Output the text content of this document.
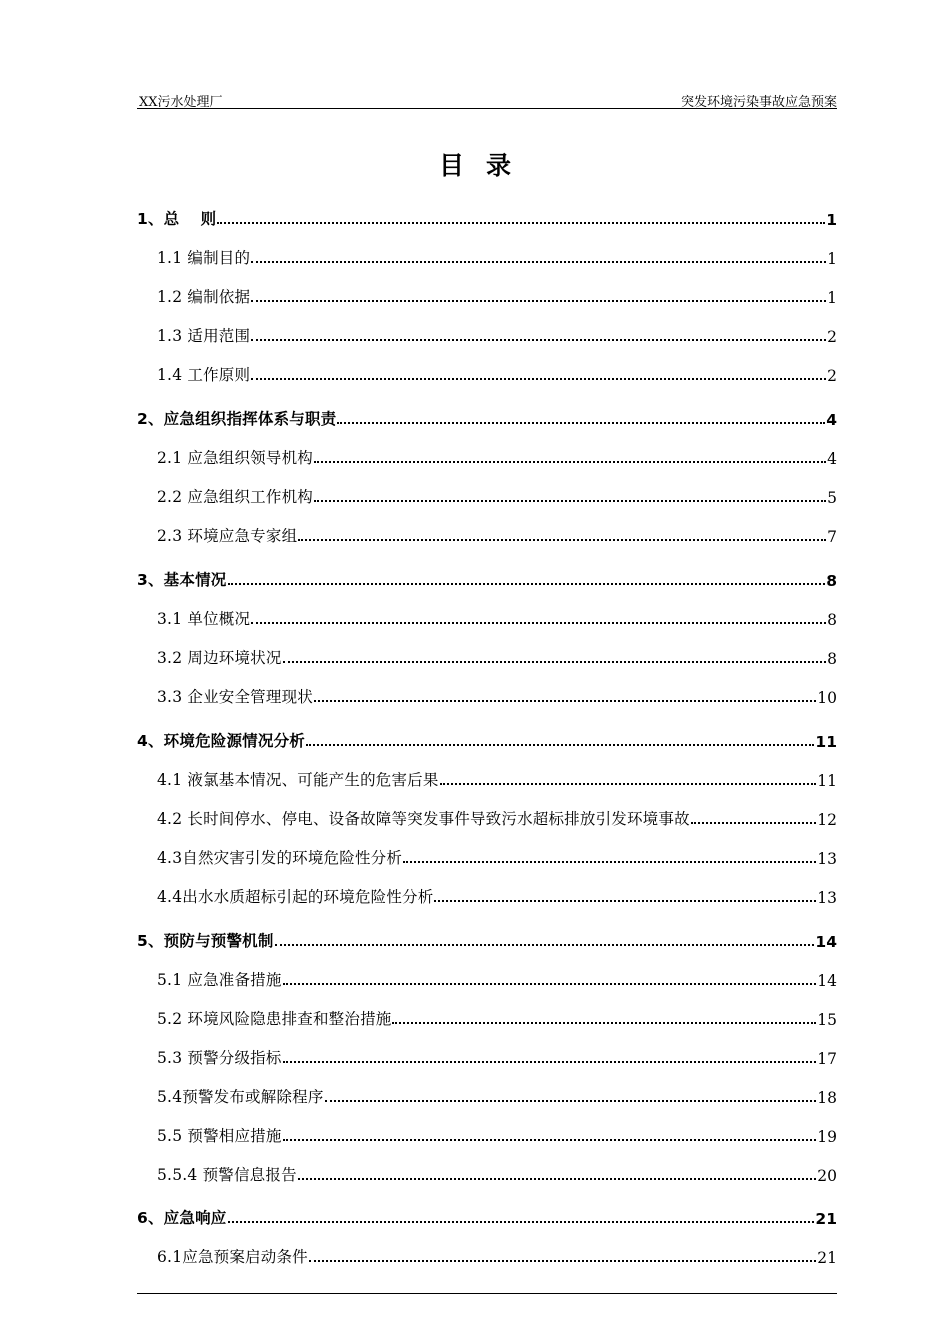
XX污水处理厂	突发环境污染事故应急预案
目录
1、总　 则	1
1.1 编制目的	1
1.2 编制依据	1
1.3 适用范围	2
1.4 工作原则	2
2、应急组织指挥体系与职责	4
2.1 应急组织领导机构	4
2.2 应急组织工作机构	5
2.3 环境应急专家组	7
3、基本情况	8
3.1 单位概况	8
3.2 周边环境状况	8
3.3 企业安全管理现状	10
4、环境危险源情况分析	11
4.1 液氯基本情况、可能产生的危害后果	11
4.2 长时间停水、停电、设备故障等突发事件导致污水超标排放引发环境事故	12
4.3自然灾害引发的环境危险性分析	13
4.4出水水质超标引起的环境危险性分析	13
5、预防与预警机制	14
5.1 应急准备措施	14
5.2 环境风险隐患排查和整治措施	15
5.3 预警分级指标	17
5.4预警发布或解除程序	18
5.5 预警相应措施	19
5.5.4 预警信息报告	20
6、应急响应	21
6.1应急预案启动条件	21
